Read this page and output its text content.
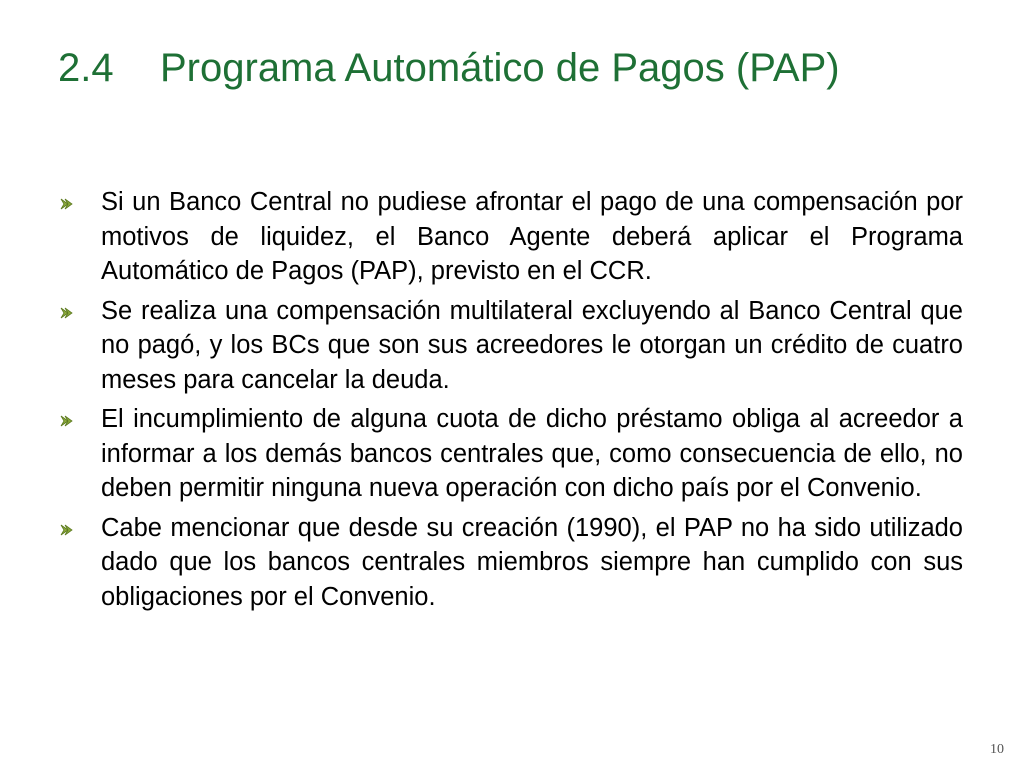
2.4 Programa Automático de Pagos (PAP)
Si un Banco Central no pudiese afrontar el pago de una compensación por motivos de liquidez, el Banco Agente deberá aplicar el Programa Automático de Pagos (PAP), previsto en el CCR.
Se realiza una compensación multilateral excluyendo al Banco Central que no pagó, y los BCs que son sus acreedores le otorgan un crédito de cuatro meses para cancelar la deuda.
El incumplimiento de alguna cuota de dicho préstamo obliga al acreedor a informar a los demás bancos centrales que, como consecuencia de ello, no deben permitir ninguna nueva operación con dicho país por el Convenio.
Cabe mencionar que desde su creación (1990), el PAP no ha sido utilizado dado que los bancos centrales miembros siempre han cumplido con sus obligaciones por el Convenio.
10
